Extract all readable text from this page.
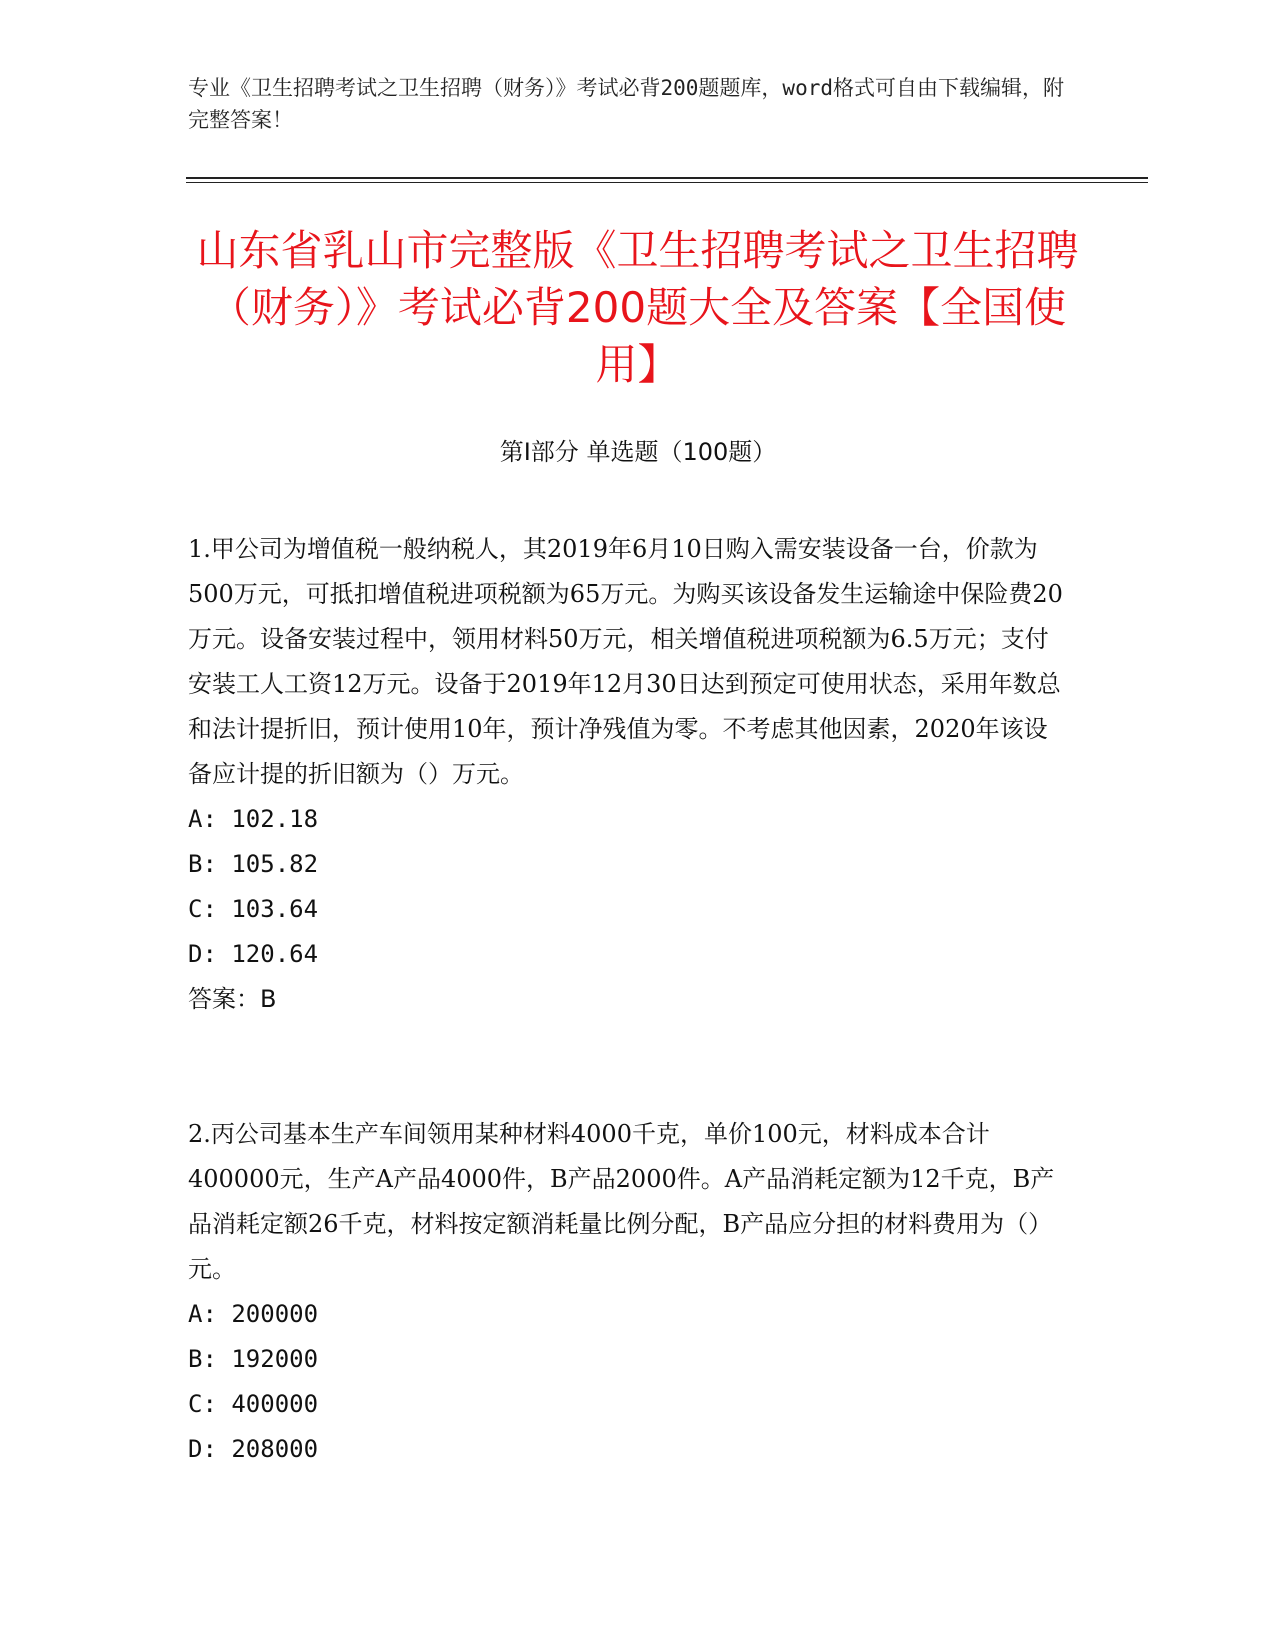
专业《卫生招聘考试之卫生招聘（财务）》考试必背200题题库，word格式可自由下载编辑，附完整答案！
山东省乳山市完整版《卫生招聘考试之卫生招聘（财务）》考试必背200题大全及答案【全国使用】
第I部分 单选题（100题）

1.甲公司为增值税一般纳税人，其2019年6月10日购入需安装设备一台，价款为500万元，可抵扣增值税进项税额为65万元。为购买该设备发生运输途中保险费20万元。设备安装过程中，领用材料50万元，相关增值税进项税额为6.5万元；支付安装工人工资12万元。设备于2019年12月30日达到预定可使用状态，采用年数总和法计提折旧，预计使用10年，预计净残值为零。不考虑其他因素，2020年该设备应计提的折旧额为（）万元。

A: 102.18

B: 105.82

C: 103.64

D: 120.64

答案：B

2.丙公司基本生产车间领用某种材料4000千克，单价100元，材料成本合计400000元，生产A产品4000件，B产品2000件。A产品消耗定额为12千克，B产品消耗定额26千克，材料按定额消耗量比例分配，B产品应分担的材料费用为（）元。

A: 200000

B: 192000

C: 400000

D: 208000
